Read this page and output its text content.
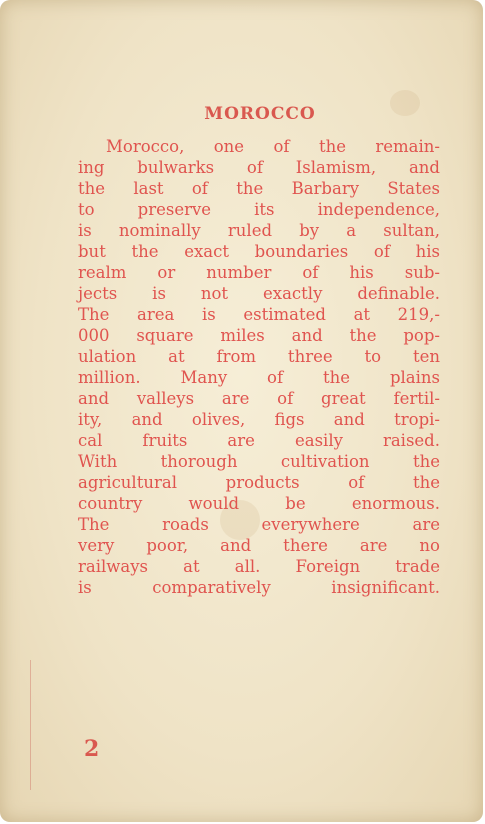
MOROCCO
Morocco, one of the remain-
ing bulwarks of Islamism, and
the last of the Barbary States
to preserve its independence,
is nominally ruled by a sultan,
but the exact boundaries of his
realm or number of his sub-
jects is not exactly definable.
The area is estimated at 219,-
000 square miles and the pop-
ulation at from three to ten
million. Many of the plains
and valleys are of great fertil-
ity, and olives, figs and tropi-
cal fruits are easily raised.
With thorough cultivation the
agricultural products of the
country would be enormous.
The roads everywhere are
very poor, and there are no
railways at all. Foreign trade
is comparatively insignificant.
2
